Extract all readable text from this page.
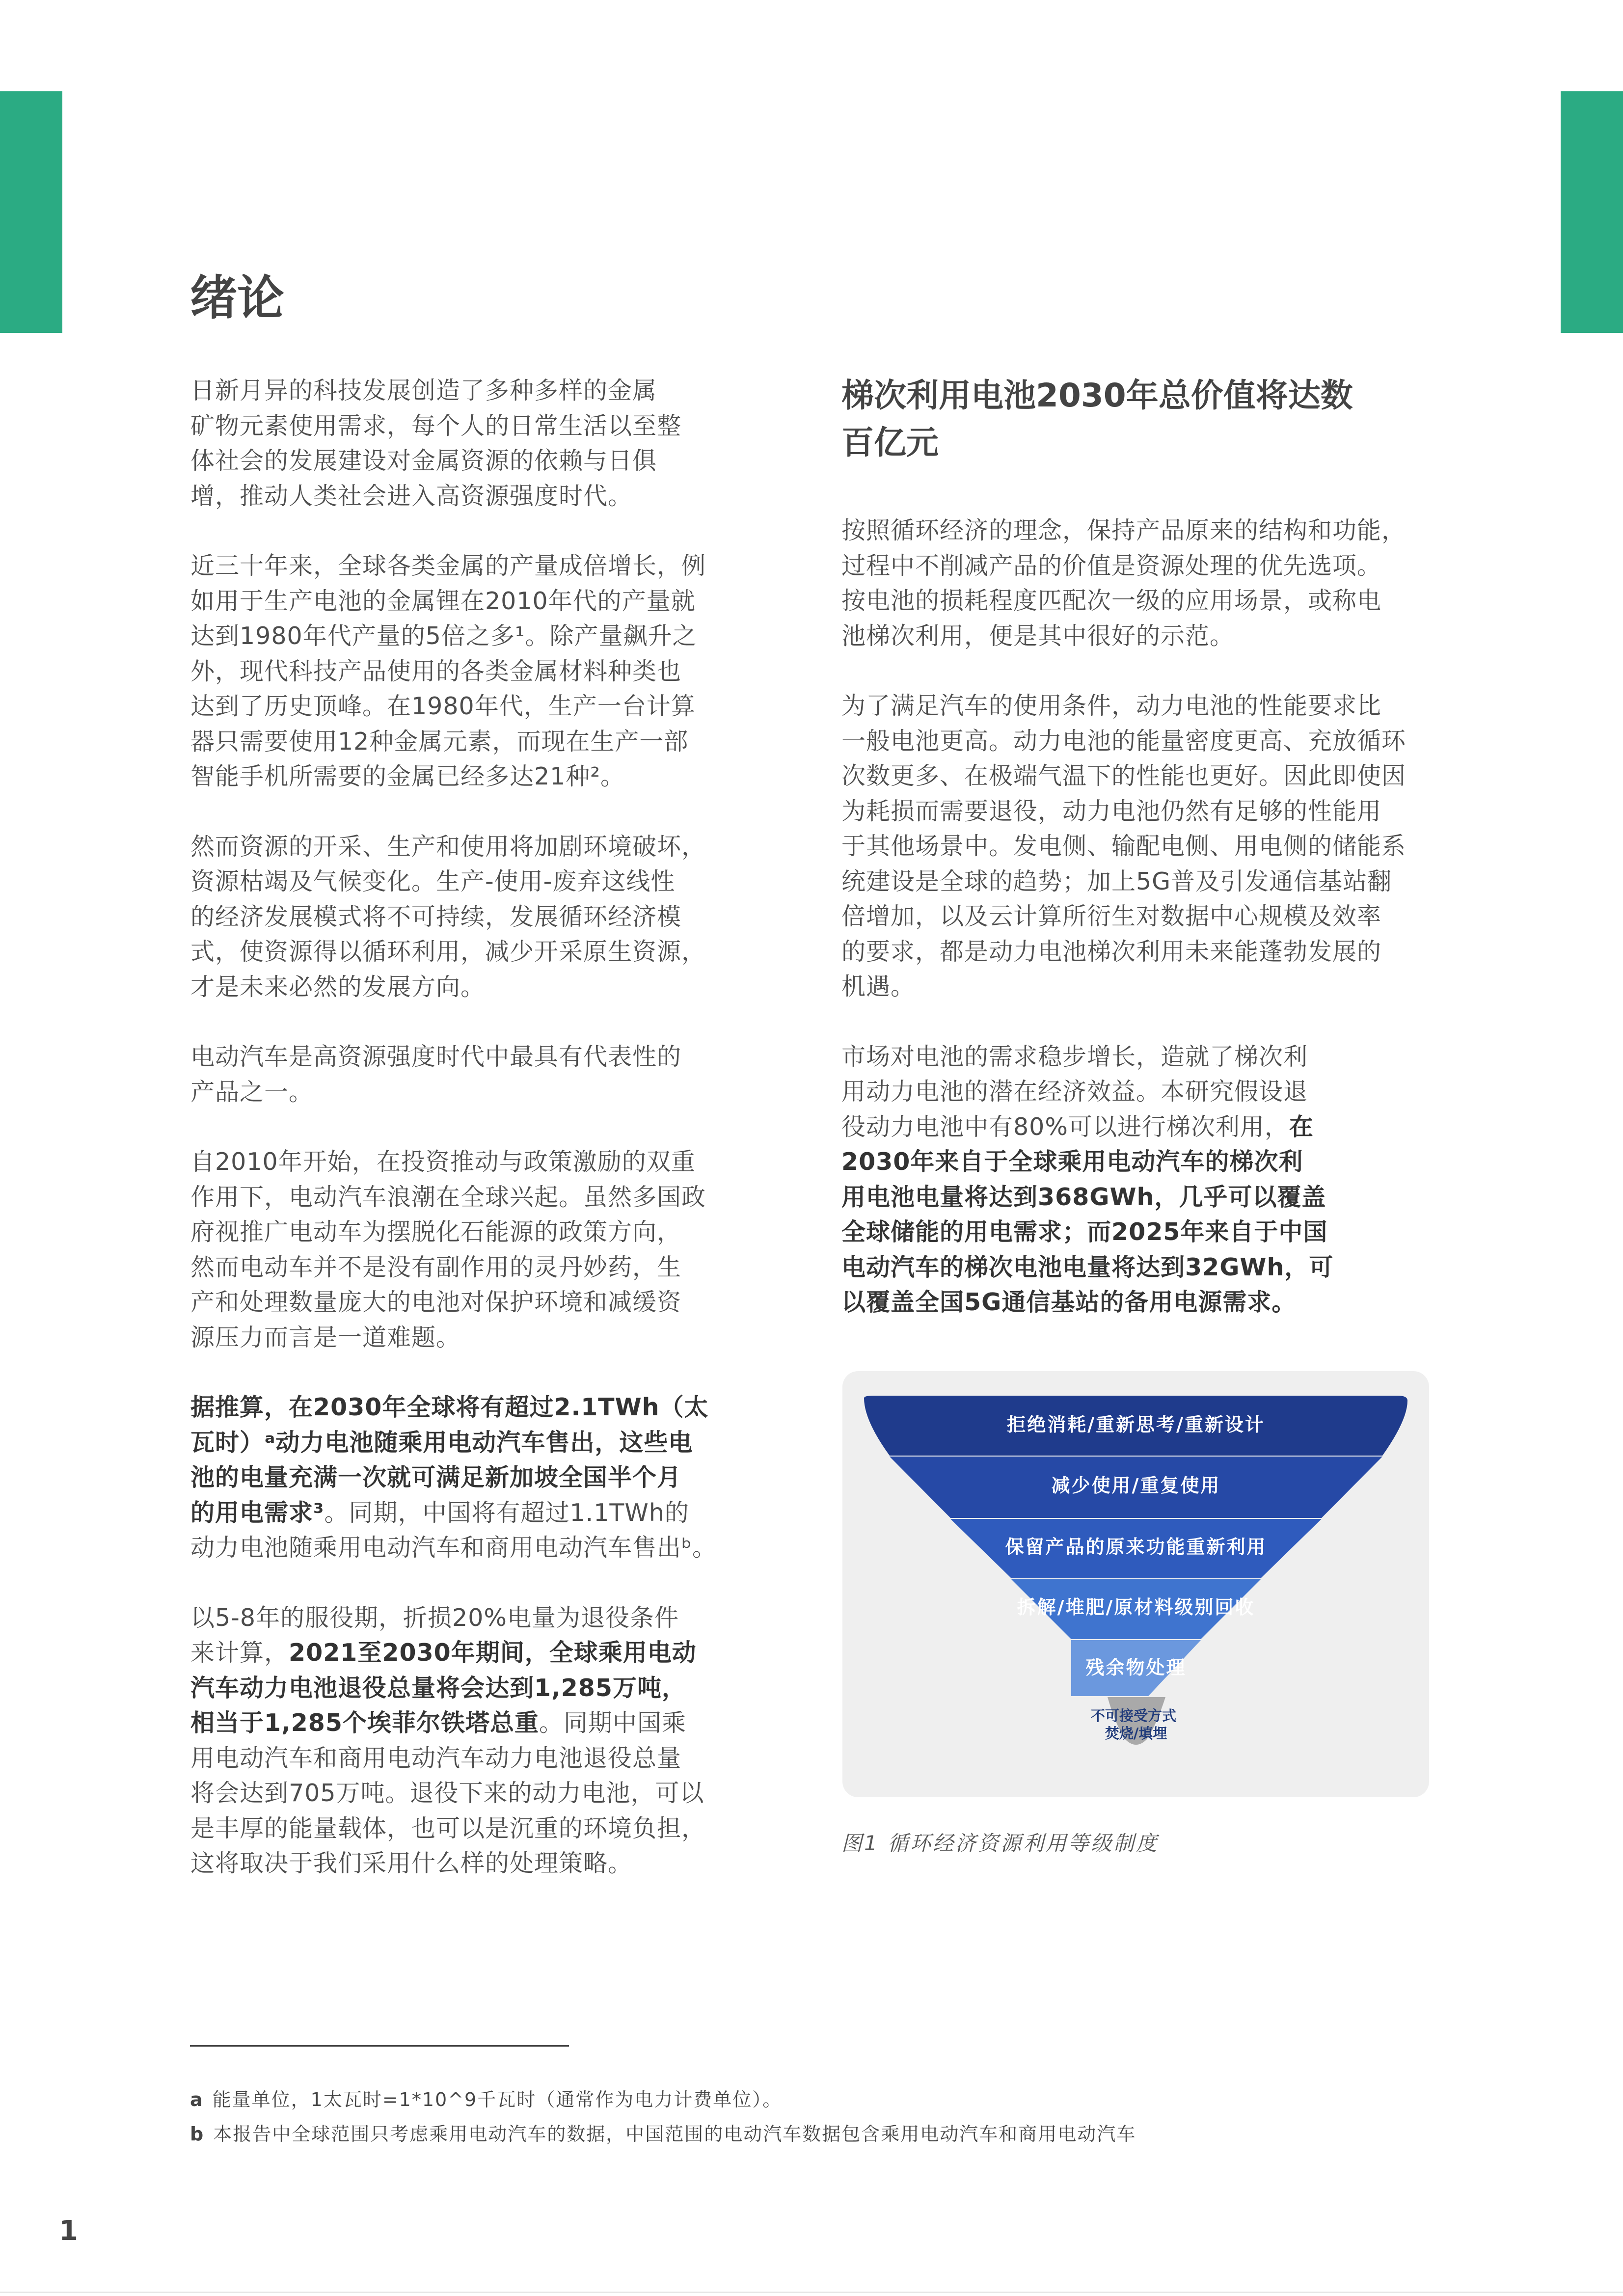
绪论

日新月异的科技发展创造了多种多样的金属
矿物元素使用需求，每个人的日常生活以至整
体社会的发展建设对金属资源的依赖与日俱
增，推动人类社会进入高资源强度时代。

近三十年来，全球各类金属的产量成倍增长，例
如用于生产电池的金属锂在2010年代的产量就
达到1980年代产量的5倍之多¹。除产量飙升之
外，现代科技产品使用的各类金属材料种类也
达到了历史顶峰。在1980年代，生产一台计算
器只需要使用12种金属元素，而现在生产一部
智能手机所需要的金属已经多达21种²。

然而资源的开采、生产和使用将加剧环境破坏，
资源枯竭及气候变化。生产-使用-废弃这线性
的经济发展模式将不可持续，发展循环经济模
式，使资源得以循环利用，减少开采原生资源，
才是未来必然的发展方向。

电动汽车是高资源强度时代中最具有代表性的
产品之一。

自2010年开始，在投资推动与政策激励的双重
作用下，电动汽车浪潮在全球兴起。虽然多国政
府视推广电动车为摆脱化石能源的政策方向，
然而电动车并不是没有副作用的灵丹妙药，生
产和处理数量庞大的电池对保护环境和减缓资
源压力而言是一道难题。

据推算，在2030年全球将有超过2.1TWh（太
瓦时）ᵃ动力电池随乘用电动汽车售出，这些电
池的电量充满一次就可满足新加坡全国半个月
的用电需求³。同期，中国将有超过1.1TWh的
动力电池随乘用电动汽车和商用电动汽车售出ᵇ。

以5-8年的服役期，折损20%电量为退役条件
来计算，2021至2030年期间，全球乘用电动
汽车动力电池退役总量将会达到1,285万吨，
相当于1,285个埃菲尔铁塔总重。同期中国乘
用电动汽车和商用电动汽车动力电池退役总量
将会达到705万吨。退役下来的动力电池，可以
是丰厚的能量载体，也可以是沉重的环境负担，
这将取决于我们采用什么样的处理策略。

梯次利用电池2030年总价值将达数
百亿元

按照循环经济的理念，保持产品原来的结构和功能，
过程中不削减产品的价值是资源处理的优先选项。
按电池的损耗程度匹配次一级的应用场景，或称电
池梯次利用，便是其中很好的示范。

为了满足汽车的使用条件，动力电池的性能要求比
一般电池更高。动力电池的能量密度更高、充放循环
次数更多、在极端气温下的性能也更好。因此即使因
为耗损而需要退役，动力电池仍然有足够的性能用
于其他场景中。发电侧、输配电侧、用电侧的储能系
统建设是全球的趋势；加上5G普及引发通信基站翻
倍增加，以及云计算所衍生对数据中心规模及效率
的要求，都是动力电池梯次利用未来能蓬勃发展的
机遇。

市场对电池的需求稳步增长，造就了梯次利
用动力电池的潜在经济效益。本研究假设退
役动力电池中有80%可以进行梯次利用，在
2030年来自于全球乘用电动汽车的梯次利
用电池电量将达到368GWh，几乎可以覆盖
全球储能的用电需求；而2025年来自于中国
电动汽车的梯次电池电量将达到32GWh，可
以覆盖全国5G通信基站的备用电源需求。

拒绝消耗/重新思考/重新设计
减少使用/重复使用
保留产品的原来功能重新利用
拆解/堆肥/原材料级别回收
残余物处理
不可接受方式 焚烧/填埋

图1 循环经济资源利用等级制度

a 能量单位，1太瓦时=1*10^9千瓦时（通常作为电力计费单位）。

b 本报告中全球范围只考虑乘用电动汽车的数据，中国范围的电动汽车数据包含乘用电动汽车和商用电动汽车

1
